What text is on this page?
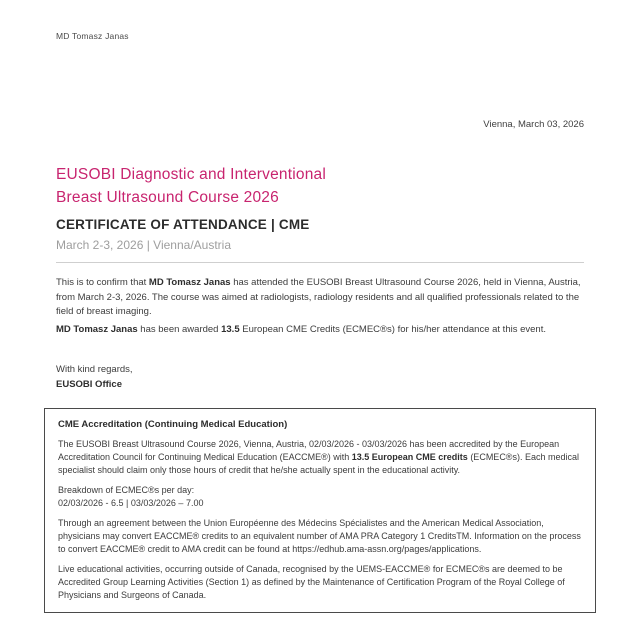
MD Tomasz Janas
Vienna, March 03, 2026
EUSOBI Diagnostic and Interventional
Breast Ultrasound Course 2026
CERTIFICATE OF ATTENDANCE | CME
March 2-3, 2026 | Vienna/Austria

This is to confirm that MD Tomasz Janas has attended the EUSOBI Breast Ultrasound Course 2026, held in Vienna, Austria, from March 2-3, 2026. The course was aimed at radiologists, radiology residents and all qualified professionals related to the field of breast imaging.

MD Tomasz Janas has been awarded 13.5 European CME Credits (ECMEC®s) for his/her attendance at this event.

With kind regards,
EUSOBI Office
CME Accreditation (Continuing Medical Education)

The EUSOBI Breast Ultrasound Course 2026, Vienna, Austria, 02/03/2026 - 03/03/2026 has been accredited by the European Accreditation Council for Continuing Medical Education (EACCME®) with 13.5 European CME credits (ECMEC®s). Each medical specialist should claim only those hours of credit that he/she actually spent in the educational activity.

Breakdown of ECMEC®s per day:
02/03/2026 - 6.5 | 03/03/2026 – 7.00

Through an agreement between the Union Européenne des Médecins Spécialistes and the American Medical Association, physicians may convert EACCME® credits to an equivalent number of AMA PRA Category 1 CreditsTM. Information on the process to convert EACCME® credit to AMA credit can be found at https://edhub.ama-assn.org/pages/applications.

Live educational activities, occurring outside of Canada, recognised by the UEMS-EACCME® for ECMEC®s are deemed to be Accredited Group Learning Activities (Section 1) as defined by the Maintenance of Certification Program of the Royal College of Physicians and Surgeons of Canada.
